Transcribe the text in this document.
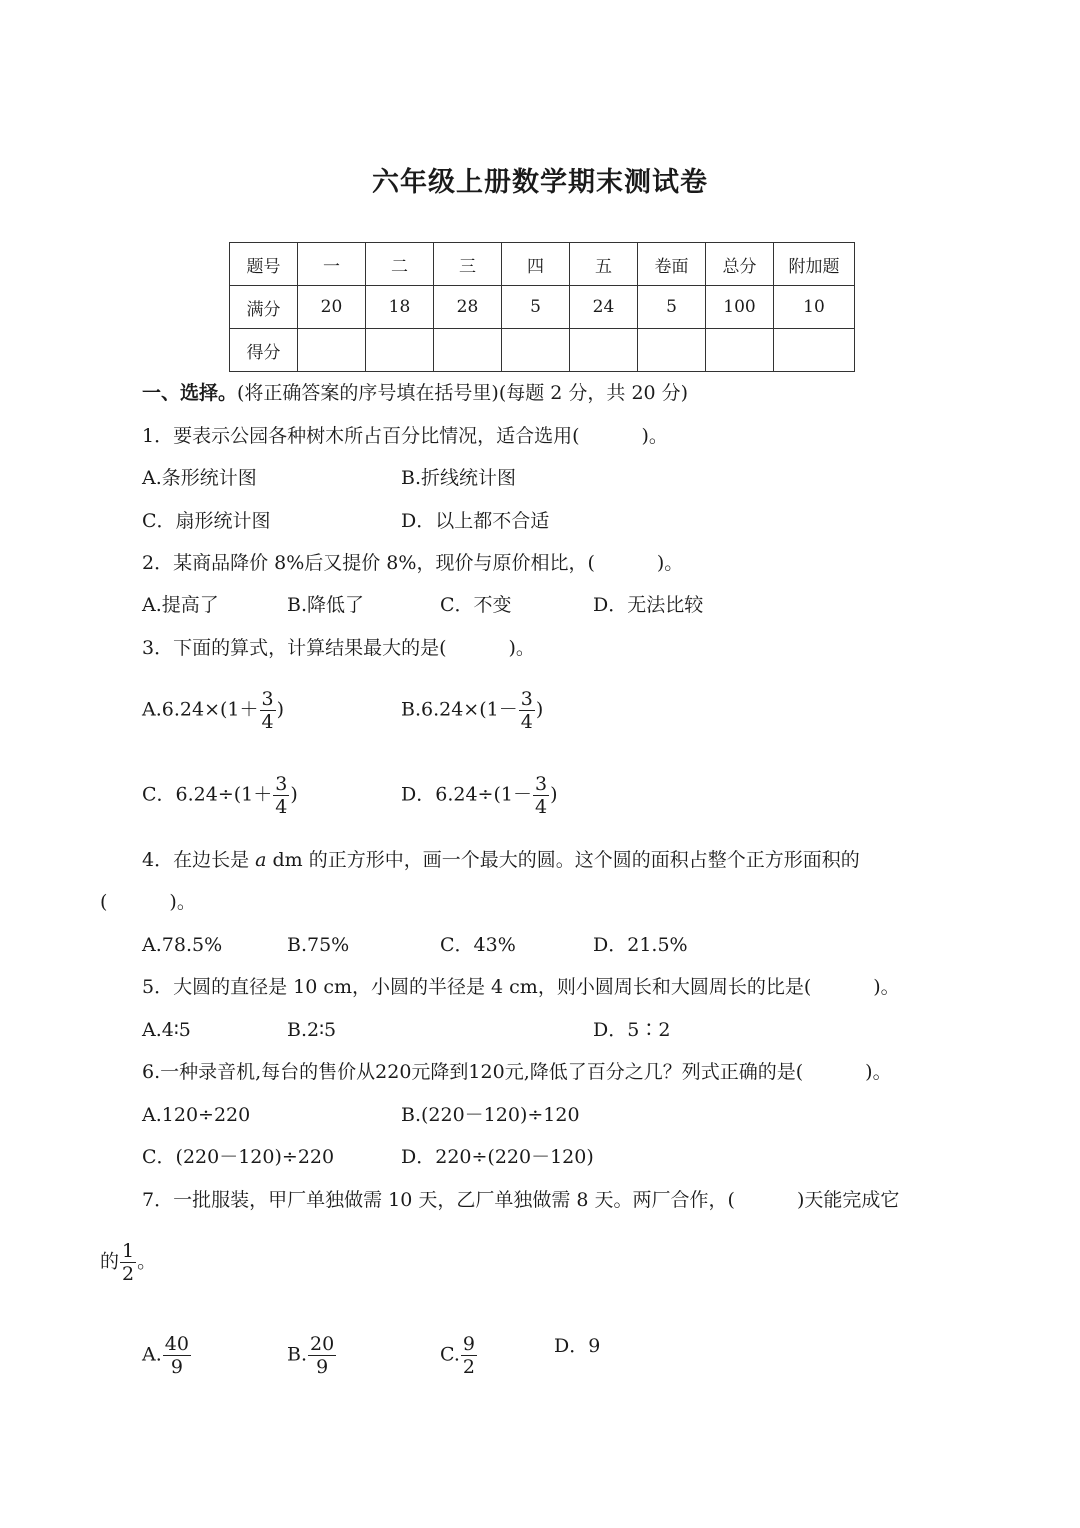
六年级上册数学期末测试卷
题号	一	二	三	四	五	卷面	总分	附加题
满分	20	18	28	5	24	5	100	10
得分								
一、选择。(将正确答案的序号填在括号里)(每题 2 分，共 20 分)
1．要表示公园各种树木所占百分比情况，适合选用(	)。
A.条形统计图	B.折线统计图
C．扇形统计图	D．以上都不合适
2．某商品降价 8%后又提价 8%，现价与原价相比，(	)。
A.提高了	B.降低了	C．不变	D．无法比较
3．下面的算式，计算结果最大的是(	)。
$A.6.24\times(1+ \frac{3}{4}$ )	$B.6.24\times(1- \frac{3}{4}$ )
C．$6.24\div(1+ \frac{3}{4}$ )	D．$6.24\div(1- \frac{3}{4}$ )
4．在边长是 a dm 的正方形中，画一个最大的圆。这个圆的面积占整个正方形面积的
(	)。
A.78.5%	B.75%	C．43%	D．21.5%
5．大圆的直径是 10 cm，小圆的半径是 4 cm，则小圆周长和大圆周长的比是(	)。
A.4∶5	B.2∶5	D．5∶2
6.一种录音机,每台的售价从220元降到120元,降低了百分之几？列式正确的是(	)。
A.120÷220	B.(220－120)÷120
C．(220－120)÷220	D．220÷(220－120)
7．一批服装，甲厂单独做需 10 天，乙厂单独做需 8 天。两厂合作，(	)天能完成它
的 $\frac{1}{2}$ 。
A. $\frac{40}{9}$	B. $\frac{20}{9}$	C. $\frac{9}{2}$	D．9
